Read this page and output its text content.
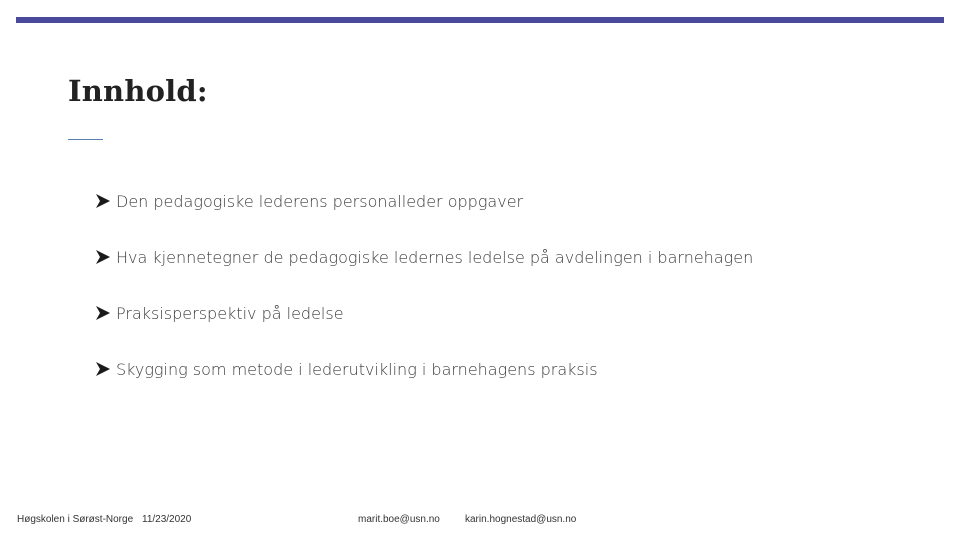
Innhold:
Den pedagogiske lederens personalleder oppgaver
Hva kjennetegner de pedagogiske ledernes ledelse på avdelingen i barnehagen
Praksisperspektiv på ledelse
Skygging som metode i lederutvikling i barnehagens praksis
Høgskolen i Sørøst-Norge 11/23/2020	marit.boe@usn.no	karin.hognestad@usn.no
